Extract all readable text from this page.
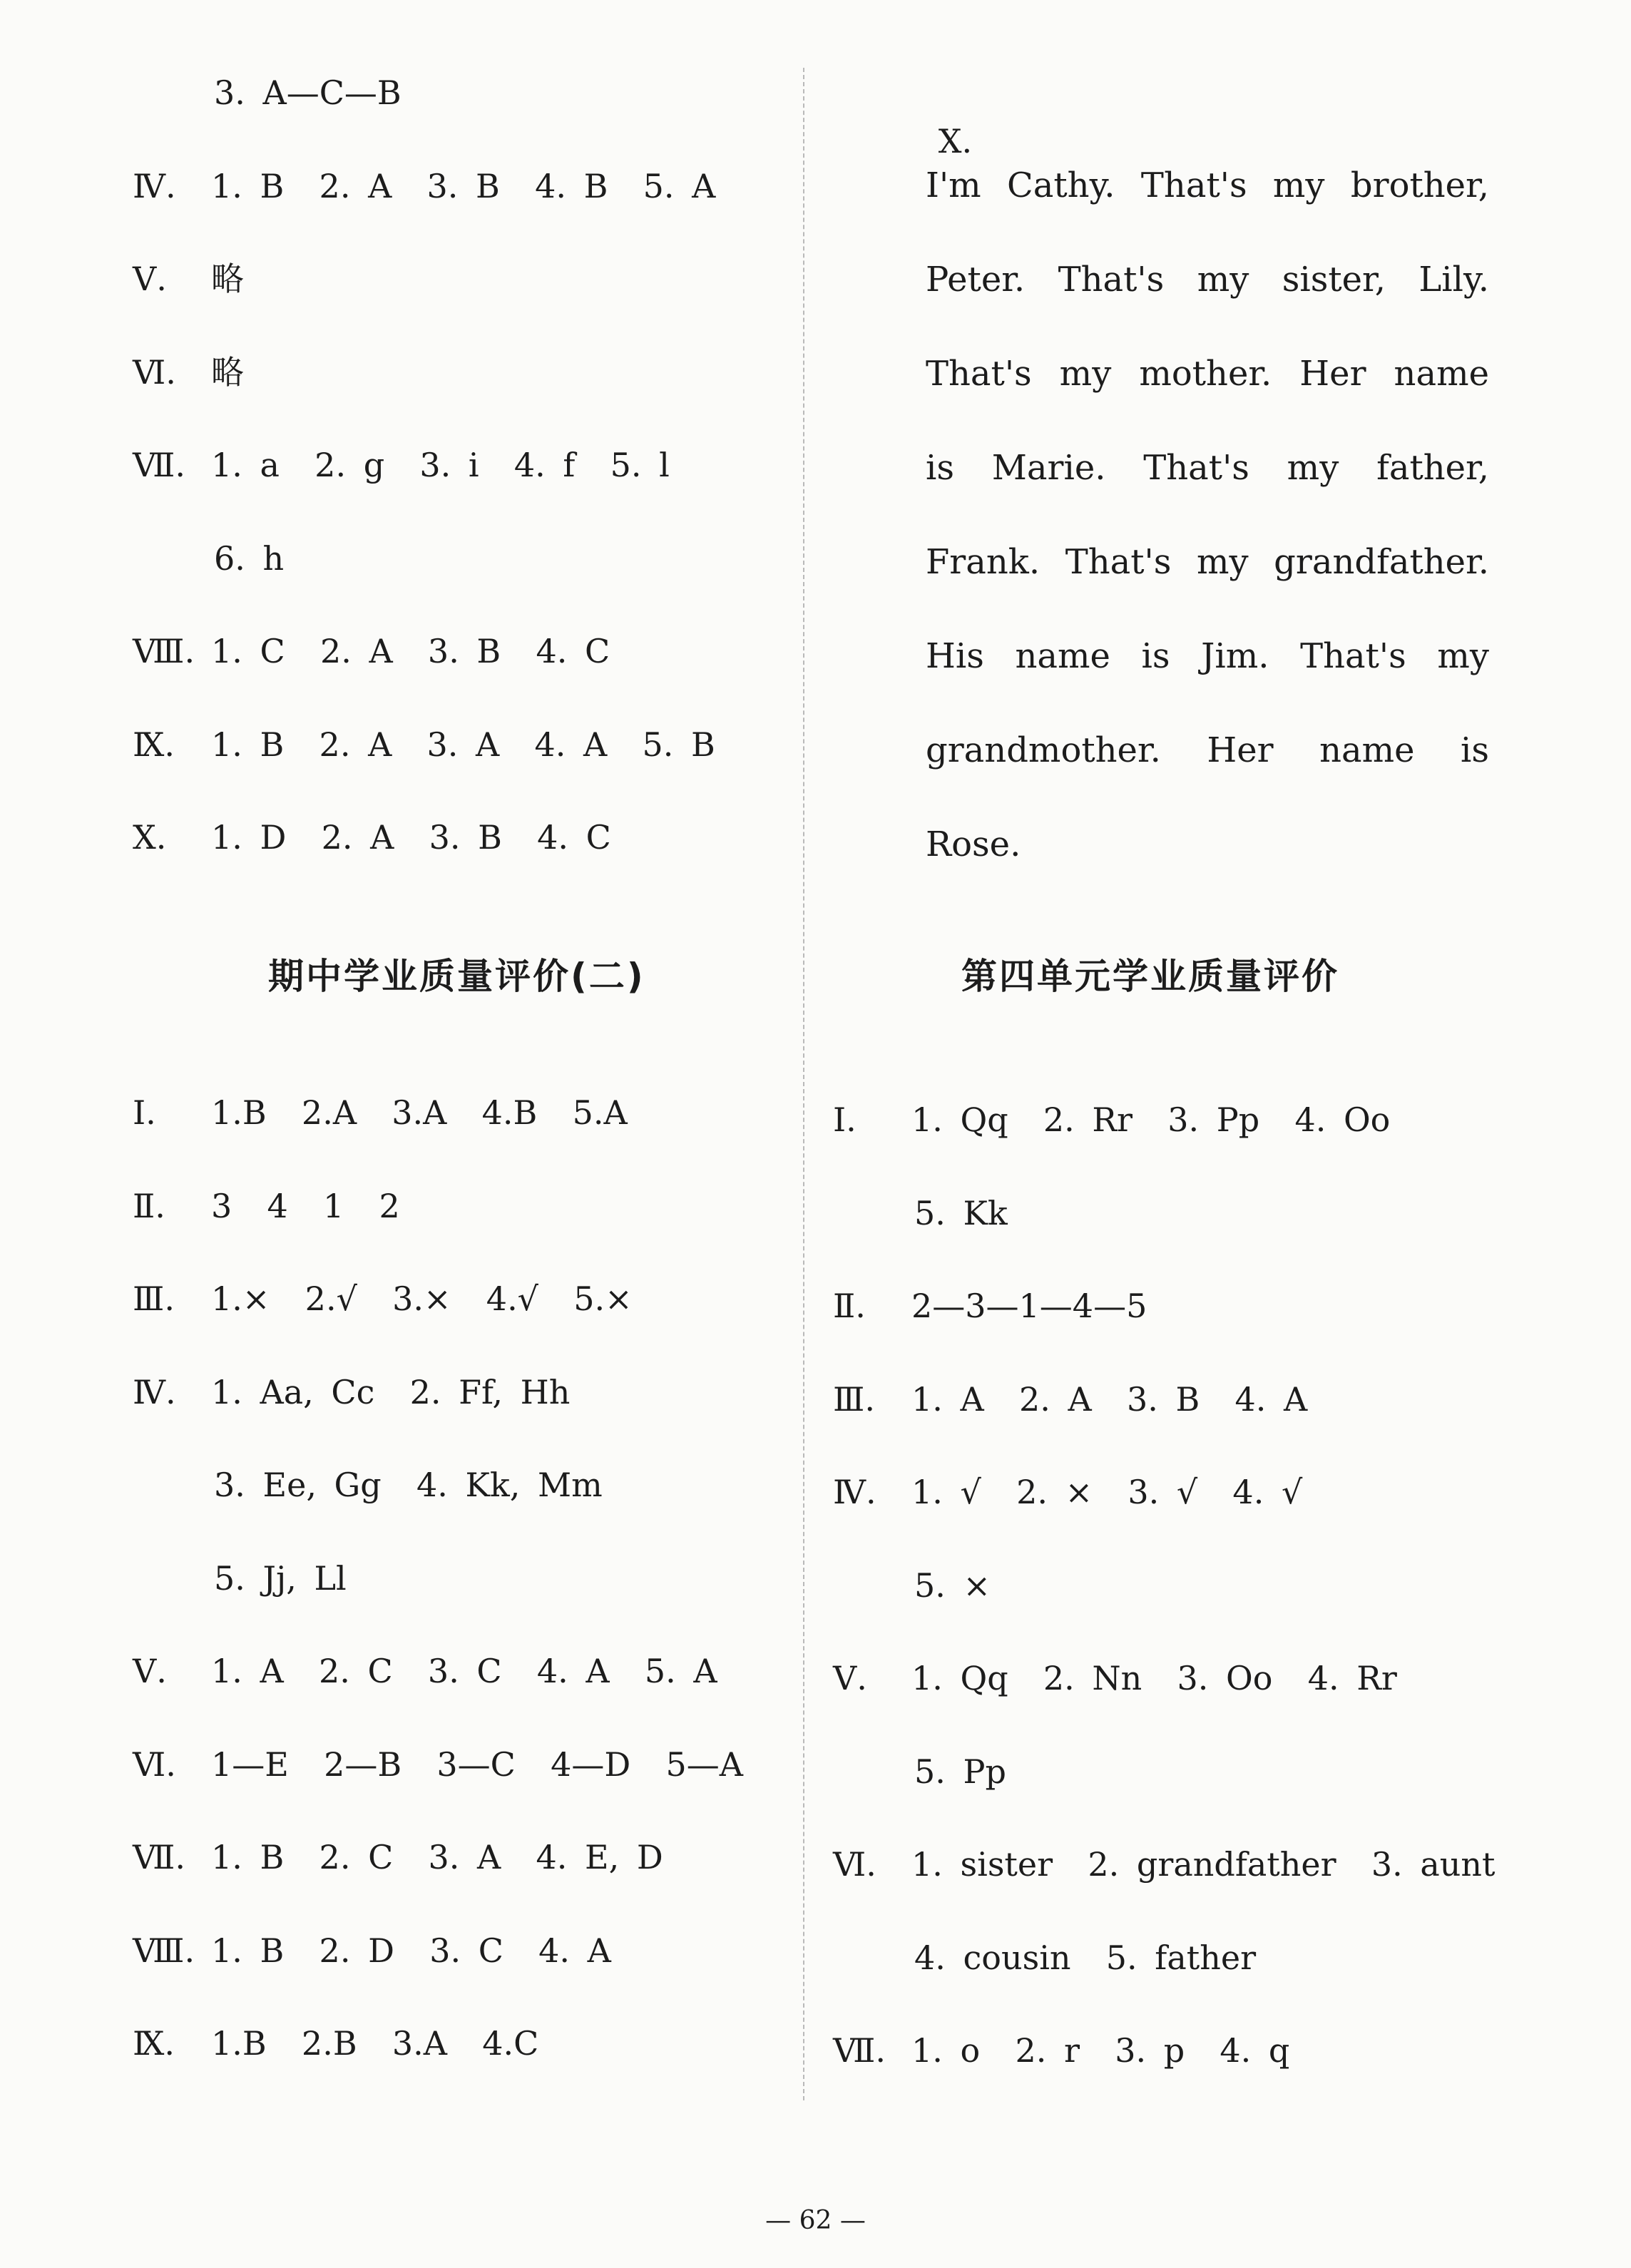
3. A—C—B
Ⅳ. 1. B  2. A  3. B  4. B  5. A
Ⅴ. 略
Ⅵ. 略
Ⅶ. 1. a  2. g  3. i  4. f  5. l
6. h
Ⅷ. 1. C  2. A  3. B  4. C
Ⅸ. 1. B  2. A  3. A  4. A  5. B
Ⅹ. 1. D  2. A  3. B  4. C
期中学业质量评价(二)
Ⅰ. 1.B  2.A  3.A  4.B  5.A
Ⅱ. 3  4  1  2
Ⅲ. 1.×  2.√  3.×  4.√  5.×
Ⅳ. 1. Aa, Cc  2. Ff, Hh
3. Ee, Gg  4. Kk, Mm
5. Jj, Ll
Ⅴ. 1. A  2. C  3. C  4. A  5. A
Ⅵ. 1—E  2—B  3—C  4—D  5—A
Ⅶ. 1. B  2. C  3. A  4. E, D
Ⅷ. 1. B  2. D  3. C  4. A
Ⅸ. 1.B  2.B  3.A  4.C

Ⅹ.

I'm Cathy. That's my brother, Peter. That's my sister, Lily. That's my mother. Her name is Marie. That's my father, Frank. That's my grandfather. His name is Jim. That's my grandmother. Her name is Rose.
第四单元学业质量评价
Ⅰ. 1. Qq  2. Rr  3. Pp  4. Oo
5. Kk
Ⅱ. 2—3—1—4—5
Ⅲ. 1. A  2. A  3. B  4. A
Ⅳ. 1. √  2. ×  3. √  4. √
5. ×
Ⅴ. 1. Qq  2. Nn  3. Oo  4. Rr
5. Pp
Ⅵ. 1. sister  2. grandfather  3. aunt
4. cousin  5. father
Ⅶ. 1. o  2. r  3. p  4. q
— 62 —
